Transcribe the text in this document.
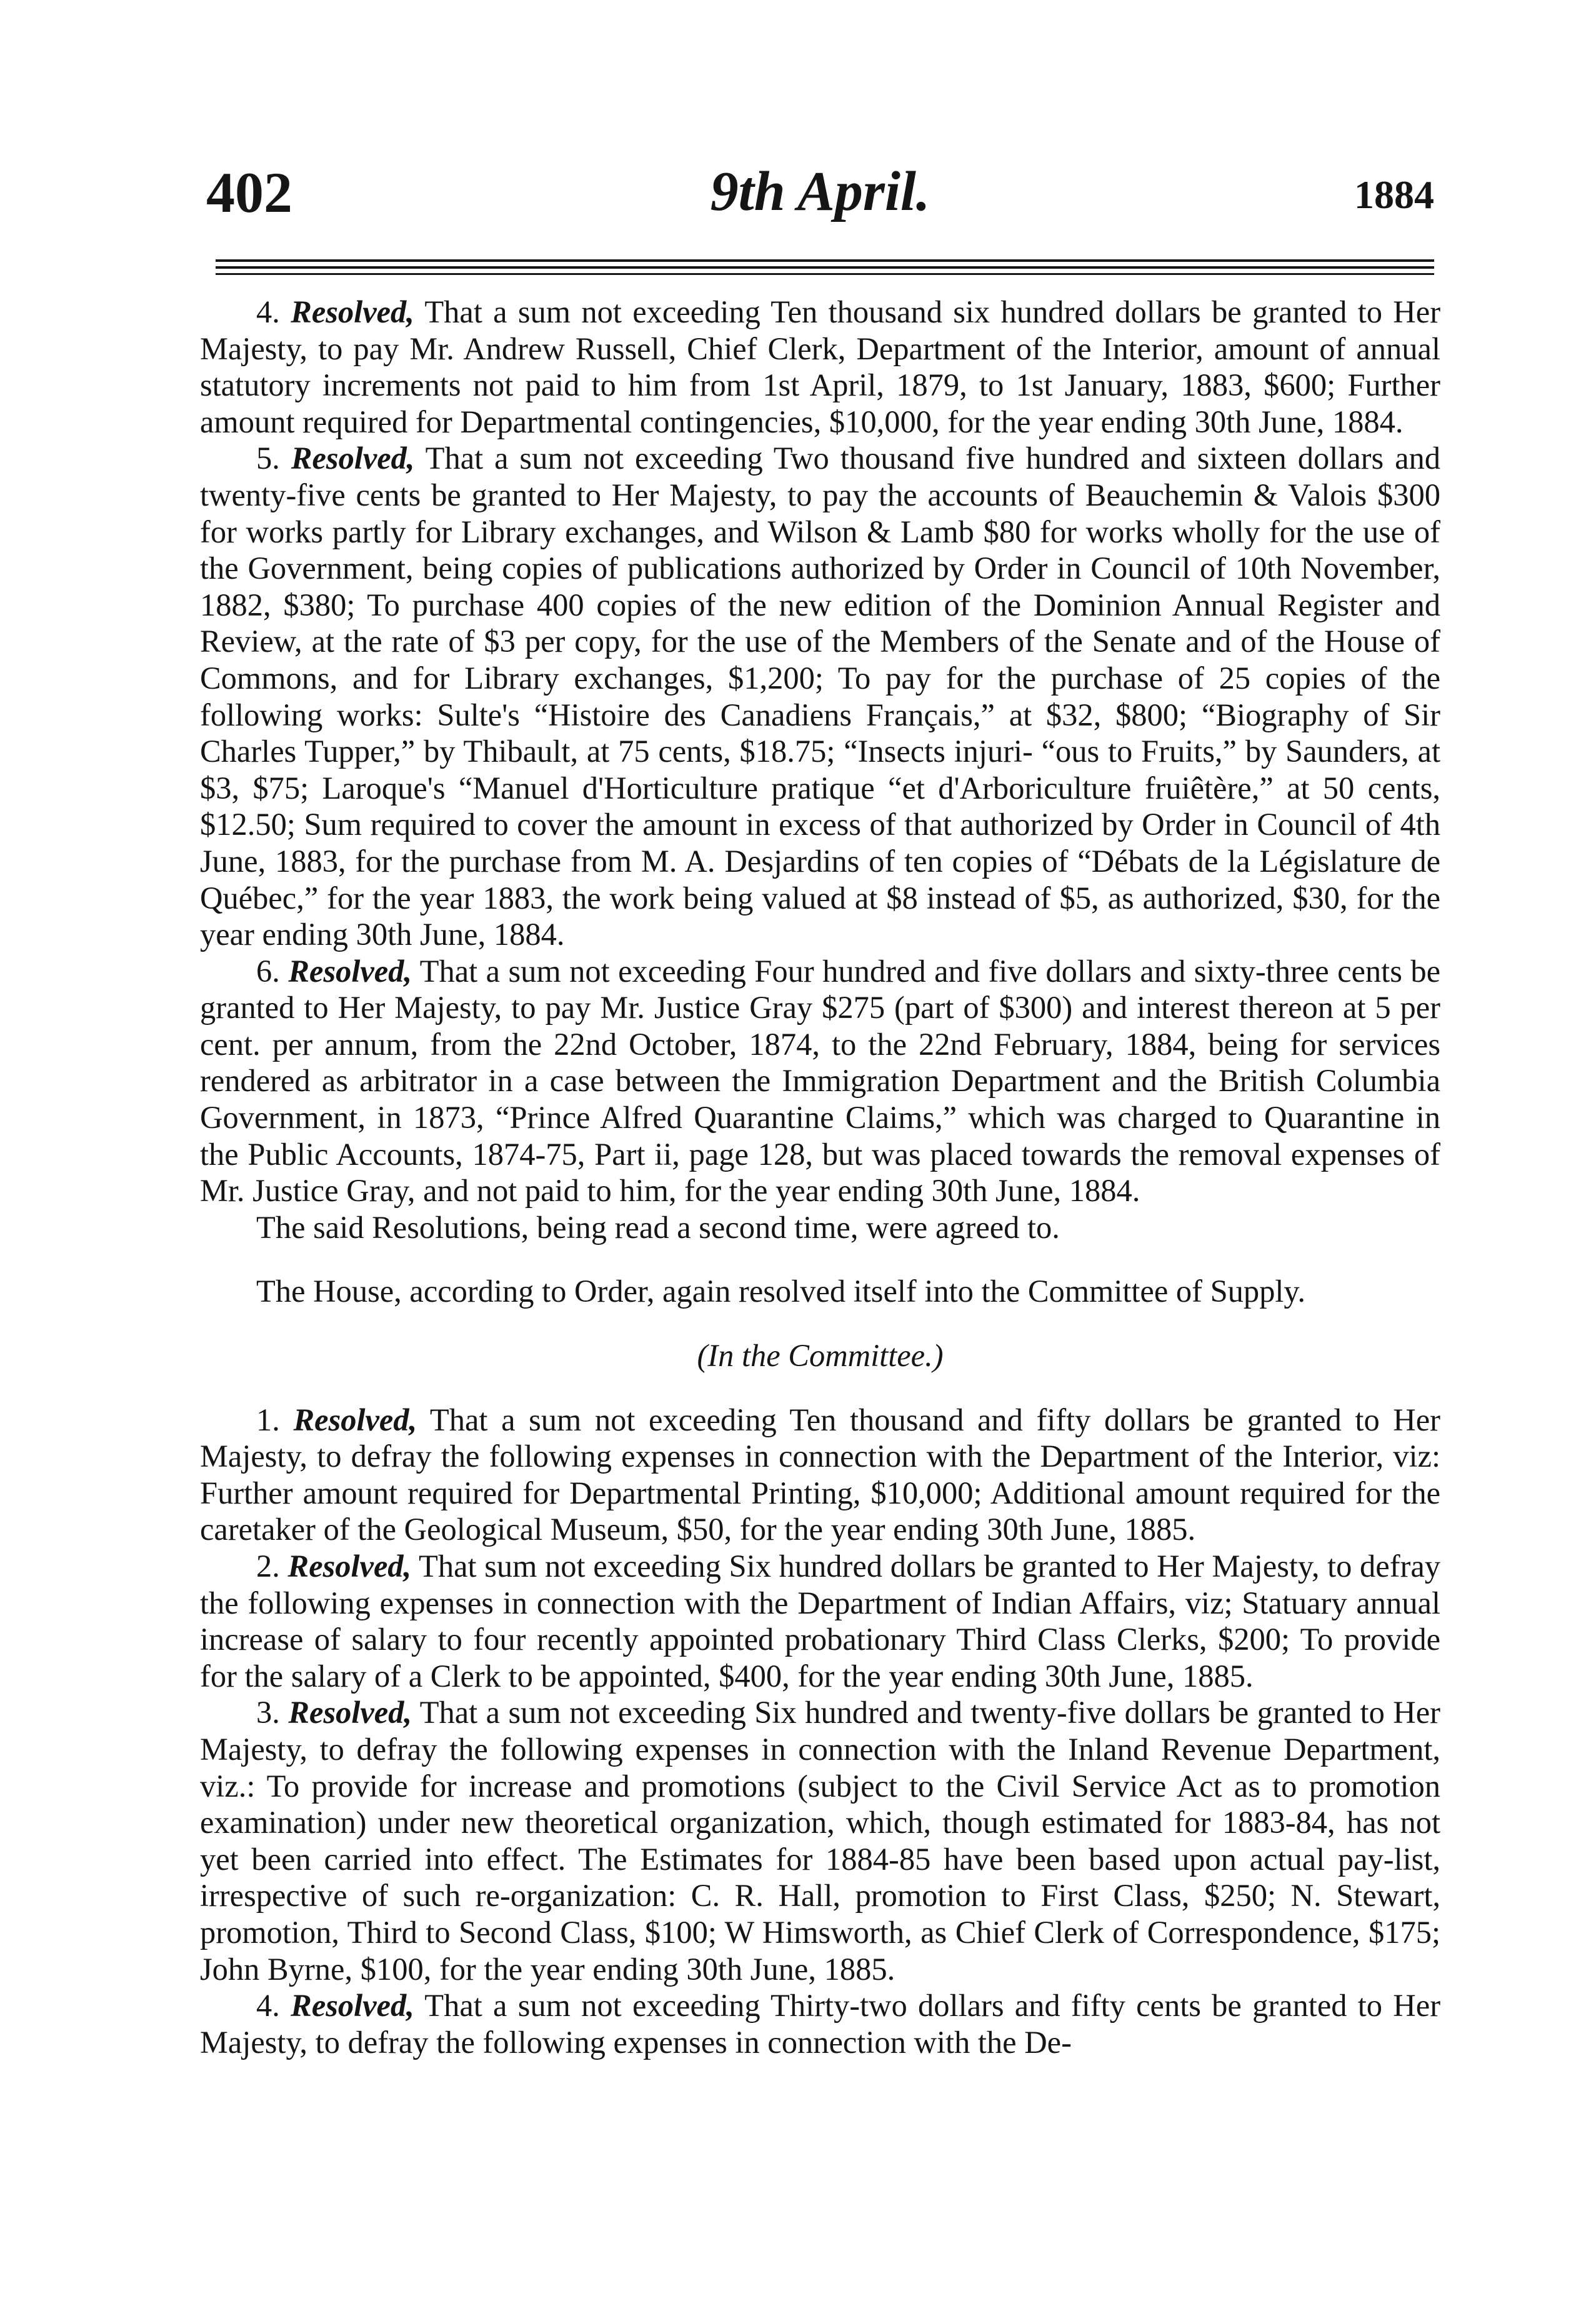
402	9th April.	1884

4. Resolved, That a sum not exceeding Ten thousand six hundred dollars be granted to Her Majesty, to pay Mr. Andrew Russell, Chief Clerk, Department of the Interior, amount of annual statutory increments not paid to him from 1st April, 1879, to 1st January, 1883, $600; Further amount required for Departmental contingencies, $10,000, for the year ending 30th June, 1884.

5. Resolved, That a sum not exceeding Two thousand five hundred and sixteen dollars and twenty-five cents be granted to Her Majesty, to pay the accounts of Beauchemin & Valois $300 for works partly for Library exchanges, and Wilson & Lamb $80 for works wholly for the use of the Government, being copies of publications authorized by Order in Council of 10th November, 1882, $380; To purchase 400 copies of the new edition of the Dominion Annual Register and Review, at the rate of $3 per copy, for the use of the Members of the Senate and of the House of Commons, and for Library exchanges, $1,200; To pay for the purchase of 25 copies of the following works: Sulte's “Histoire des Canadiens Français,” at $32, $800; “Biography of Sir Charles Tupper,” by Thibault, at 75 cents, $18.75; “Insects injuri- “ous to Fruits,” by Saunders, at $3, $75; Laroque's “Manuel d'Horticulture pratique “et d'Arboriculture fruiêtère,” at 50 cents, $12.50; Sum required to cover the amount in excess of that authorized by Order in Council of 4th June, 1883, for the purchase from M. A. Desjardins of ten copies of “Débats de la Législature de Québec,” for the year 1883, the work being valued at $8 instead of $5, as authorized, $30, for the year ending 30th June, 1884.

6. Resolved, That a sum not exceeding Four hundred and five dollars and sixty-three cents be granted to Her Majesty, to pay Mr. Justice Gray $275 (part of $300) and interest thereon at 5 per cent. per annum, from the 22nd October, 1874, to the 22nd February, 1884, being for services rendered as arbitrator in a case between the Immigration Department and the British Columbia Government, in 1873, “Prince Alfred Quarantine Claims,” which was charged to Quarantine in the Public Accounts, 1874-75, Part ii, page 128, but was placed towards the removal expenses of Mr. Justice Gray, and not paid to him, for the year ending 30th June, 1884.

The said Resolutions, being read a second time, were agreed to.

The House, according to Order, again resolved itself into the Committee of Supply.

(In the Committee.)

1. Resolved, That a sum not exceeding Ten thousand and fifty dollars be granted to Her Majesty, to defray the following expenses in connection with the Department of the Interior, viz: Further amount required for Departmental Printing, $10,000; Additional amount required for the caretaker of the Geological Museum, $50, for the year ending 30th June, 1885.

2. Resolved, That sum not exceeding Six hundred dollars be granted to Her Majesty, to defray the following expenses in connection with the Department of Indian Affairs, viz; Statuary annual increase of salary to four recently appointed probationary Third Class Clerks, $200; To provide for the salary of a Clerk to be appointed, $400, for the year ending 30th June, 1885.

3. Resolved, That a sum not exceeding Six hundred and twenty-five dollars be granted to Her Majesty, to defray the following expenses in connection with the Inland Revenue Department, viz.: To provide for increase and promotions (subject to the Civil Service Act as to promotion examination) under new theoretical organization, which, though estimated for 1883-84, has not yet been carried into effect. The Estimates for 1884-85 have been based upon actual pay-list, irrespective of such re-organization: C. R. Hall, promotion to First Class, $250; N. Stewart, promotion, Third to Second Class, $100; W Himsworth, as Chief Clerk of Correspondence, $175; John Byrne, $100, for the year ending 30th June, 1885.

4. Resolved, That a sum not exceeding Thirty-two dollars and fifty cents be granted to Her Majesty, to defray the following expenses in connection with the De-
